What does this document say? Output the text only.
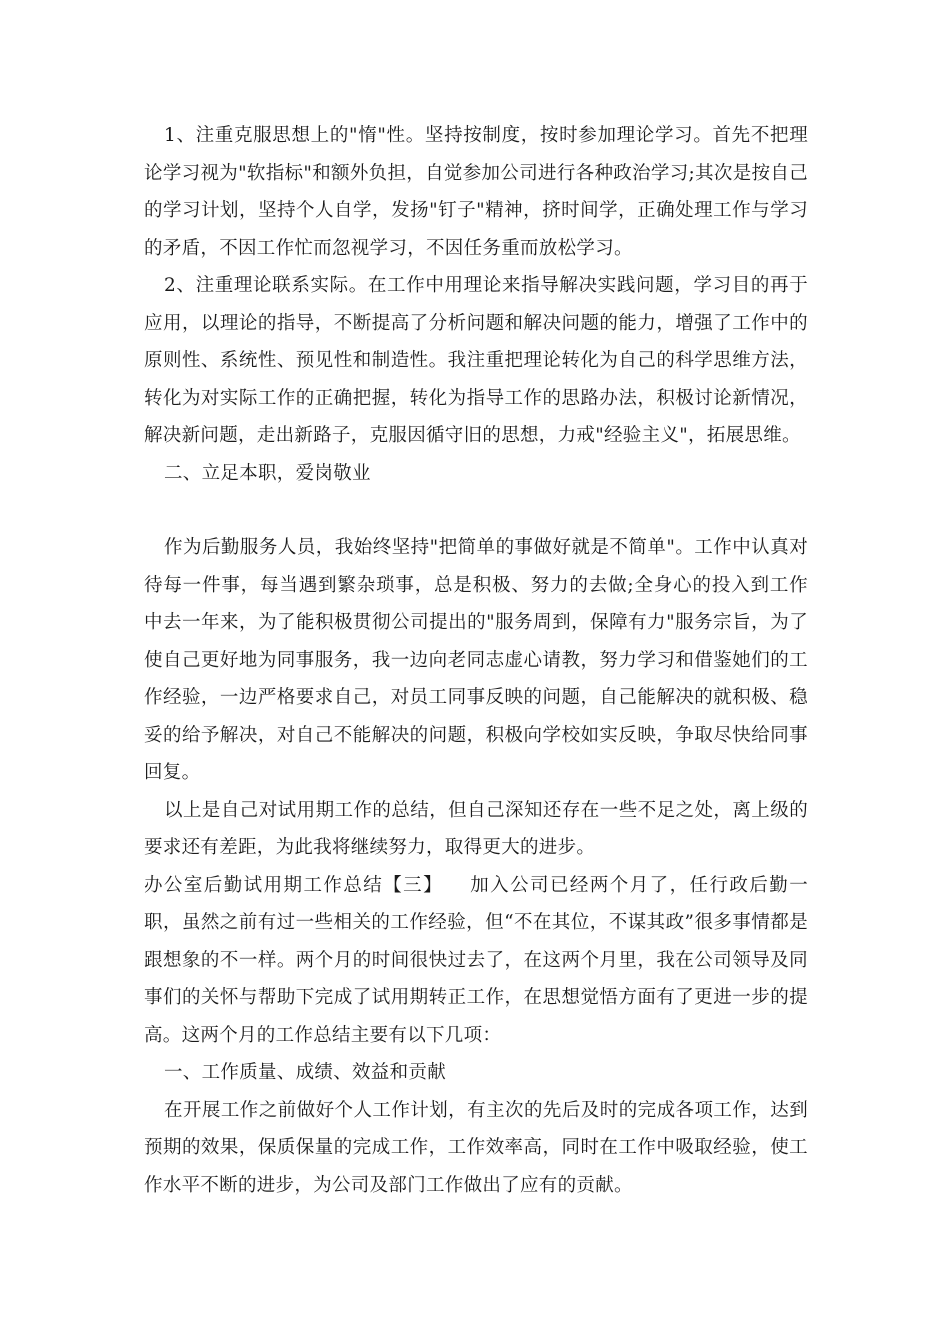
1、注重克服思想上的"惰"性。坚持按制度，按时参加理论学习。首先不把理论学习视为"软指标"和额外负担，自觉参加公司进行各种政治学习;其次是按自己的学习计划，坚持个人自学，发扬"钉子"精神，挤时间学，正确处理工作与学习的矛盾，不因工作忙而忽视学习，不因任务重而放松学习。

2、注重理论联系实际。在工作中用理论来指导解决实践问题，学习目的再于应用，以理论的指导，不断提高了分析问题和解决问题的能力，增强了工作中的原则性、系统性、预见性和制造性。我注重把理论转化为自己的科学思维方法，转化为对实际工作的正确把握，转化为指导工作的思路办法，积极讨论新情况，解决新问题，走出新路子，克服因循守旧的思想，力戒"经验主义"，拓展思维。

二、立足本职，爱岗敬业

作为后勤服务人员，我始终坚持"把简单的事做好就是不简单"。工作中认真对待每一件事，每当遇到繁杂琐事，总是积极、努力的去做;全身心的投入到工作中去一年来，为了能积极贯彻公司提出的"服务周到，保障有力"服务宗旨，为了使自己更好地为同事服务，我一边向老同志虚心请教，努力学习和借鉴她们的工作经验，一边严格要求自己，对员工同事反映的问题，自己能解决的就积极、稳妥的给予解决，对自己不能解决的问题，积极向学校如实反映，争取尽快给同事回复。

以上是自己对试用期工作的总结，但自己深知还存在一些不足之处，离上级的要求还有差距，为此我将继续努力，取得更大的进步。

办公室后勤试用期工作总结【三】 加入公司已经两个月了，任行政后勤一职，虽然之前有过一些相关的工作经验，但“不在其位，不谋其政”很多事情都是跟想象的不一样。两个月的时间很快过去了，在这两个月里，我在公司领导及同事们的关怀与帮助下完成了试用期转正工作，在思想觉悟方面有了更进一步的提高。这两个月的工作总结主要有以下几项：

一、工作质量、成绩、效益和贡献

在开展工作之前做好个人工作计划，有主次的先后及时的完成各项工作，达到预期的效果，保质保量的完成工作，工作效率高，同时在工作中吸取经验，使工作水平不断的进步，为公司及部门工作做出了应有的贡献。
